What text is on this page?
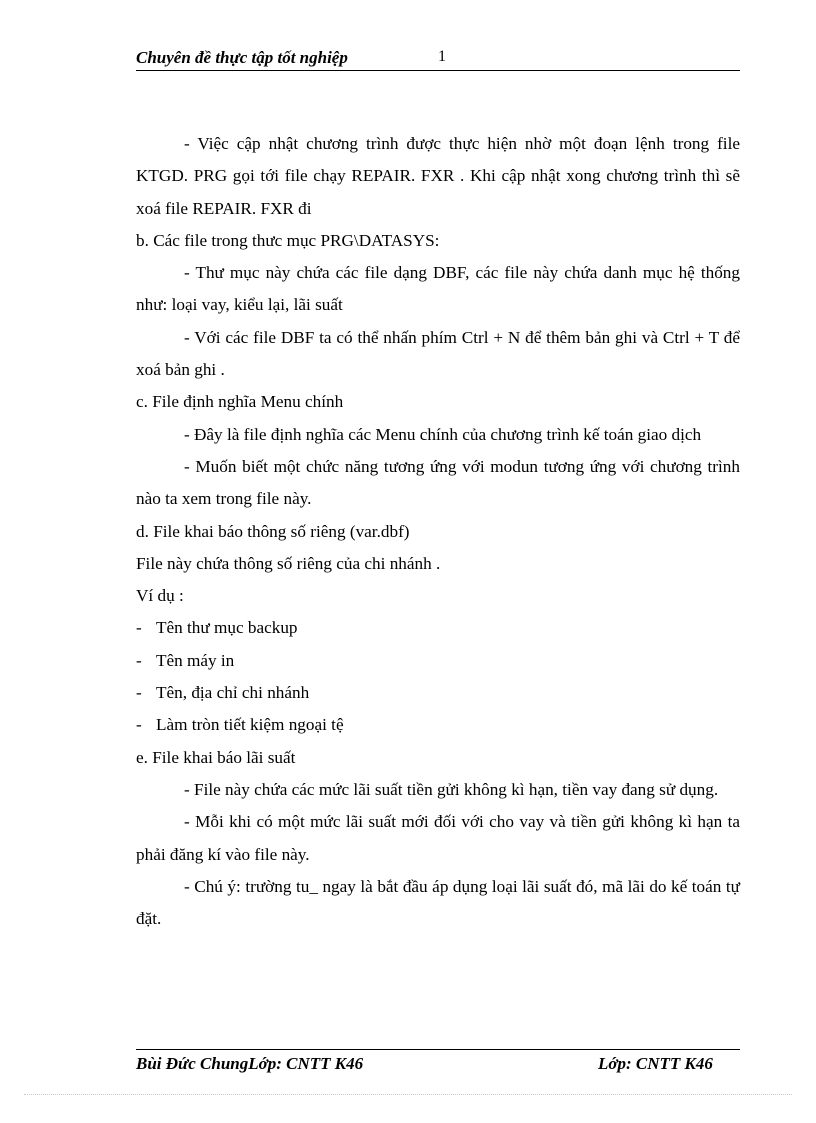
Chuyên đề thực tập tốt nghiệp	1

- Việc cập nhật chương trình được thực hiện nhờ một đoạn lệnh trong file KTGD. PRG gọi tới file chạy REPAIR. FXR . Khi cập nhật xong chương trình thì sẽ xoá file REPAIR. FXR đi

b. Các file trong thưc mục PRG\DATASYS:

- Thư mục này chứa các file dạng DBF, các file này chứa danh mục hệ thống như: loại vay, kiểu lại, lãi suất

- Với các file DBF ta có thể nhấn phím Ctrl + N để thêm bản ghi và Ctrl + T để xoá bản ghi .

c. File định nghĩa Menu chính

- Đây là file định nghĩa các Menu chính của chương trình kế toán giao dịch

- Muốn biết một chức năng tương ứng với modun tương ứng với chương trình nào ta xem trong file này.

d. File khai báo thông số riêng (var.dbf)

File này chứa thông số riêng của chi nhánh .

Ví dụ :

- Tên thư mục backup

- Tên máy in

- Tên, địa chỉ chi nhánh

- Làm tròn tiết kiệm ngoại tệ

e. File khai báo lãi suất

- File này chứa các mức lãi suất tiền gửi không kì hạn, tiền vay đang sử dụng.

- Mỗi khi có một mức lãi suất mới đối với cho vay và tiền gửi không kì hạn ta phải đăng kí vào file này.

- Chú ý: trường tu_ ngay là bắt đầu áp dụng loại lãi suất đó, mã lãi do kế toán tự đặt.

Bùi Đức ChungLớp: CNTT K46	Lớp: CNTT K46
